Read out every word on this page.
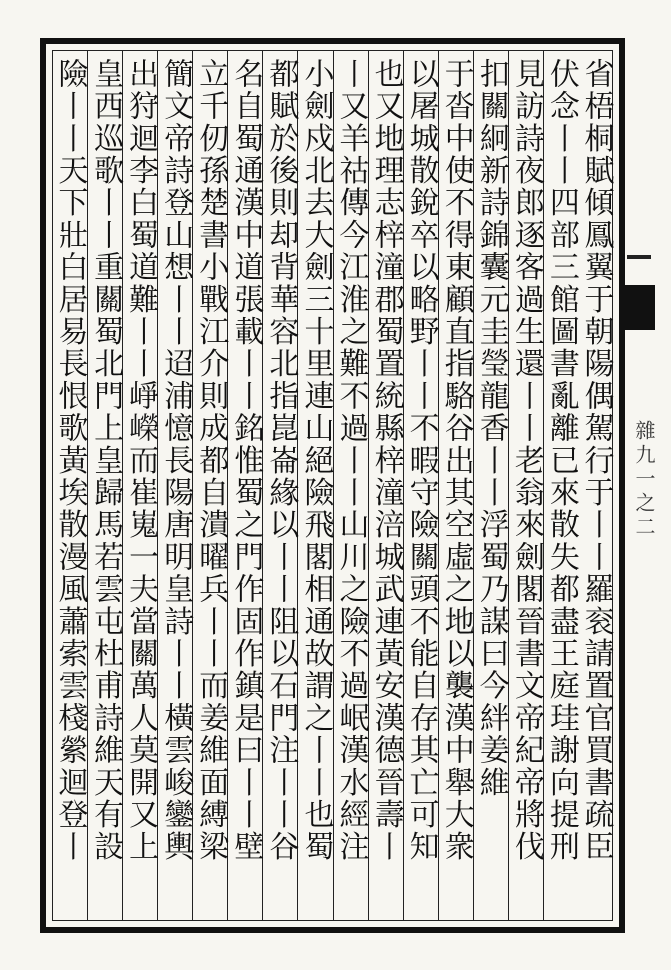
省梧桐賦傾鳳翼于朝陽偶駕行于丨丨羅衮請置官買書疏臣
伏念丨丨四部三館圖書亂離已來散失都盡王庭珪謝向提刑
見訪詩夜郎逐客過生還丨丨老翁來劍閣晉書文帝紀帝將伐
扣關絅新詩錦囊元圭瑩龍香丨丨浮蜀乃謀曰今絆姜維
于沓中使不得東顧直指駱谷出其空虛之地以襲漢中舉大衆
以屠城散銳卒以略野丨丨不暇守險關頭不能自存其亡可知
也又地理志梓潼郡蜀置統縣梓潼涪城武連黃安漢德晉壽丨
丨又羊祜傳今江淮之難不過丨丨山川之險不過岷漢水經注
小劍戍北去大劍三十里連山絕險飛閣相通故謂之丨丨也蜀
都賦於後則却背華容北指崑崙緣以丨丨阻以石門注丨丨谷
名自蜀通漢中道張載丨丨銘惟蜀之門作固作鎮是曰丨丨壁
立千仞孫楚書小戰江介則成都自潰曜兵丨丨而姜維面縛梁
簡文帝詩登山想丨丨迢浦憶長陽唐明皇詩丨丨橫雲峻鑾輿
出狩迴李白蜀道難丨丨崢嶸而崔嵬一夫當關萬人莫開又上
皇西巡歌丨丨重關蜀北門上皇歸馬若雲屯杜甫詩維天有設
險丨丨天下壯白居易長恨歌黃埃散漫風蕭索雲棧縈迴登丨	雜九一之二
